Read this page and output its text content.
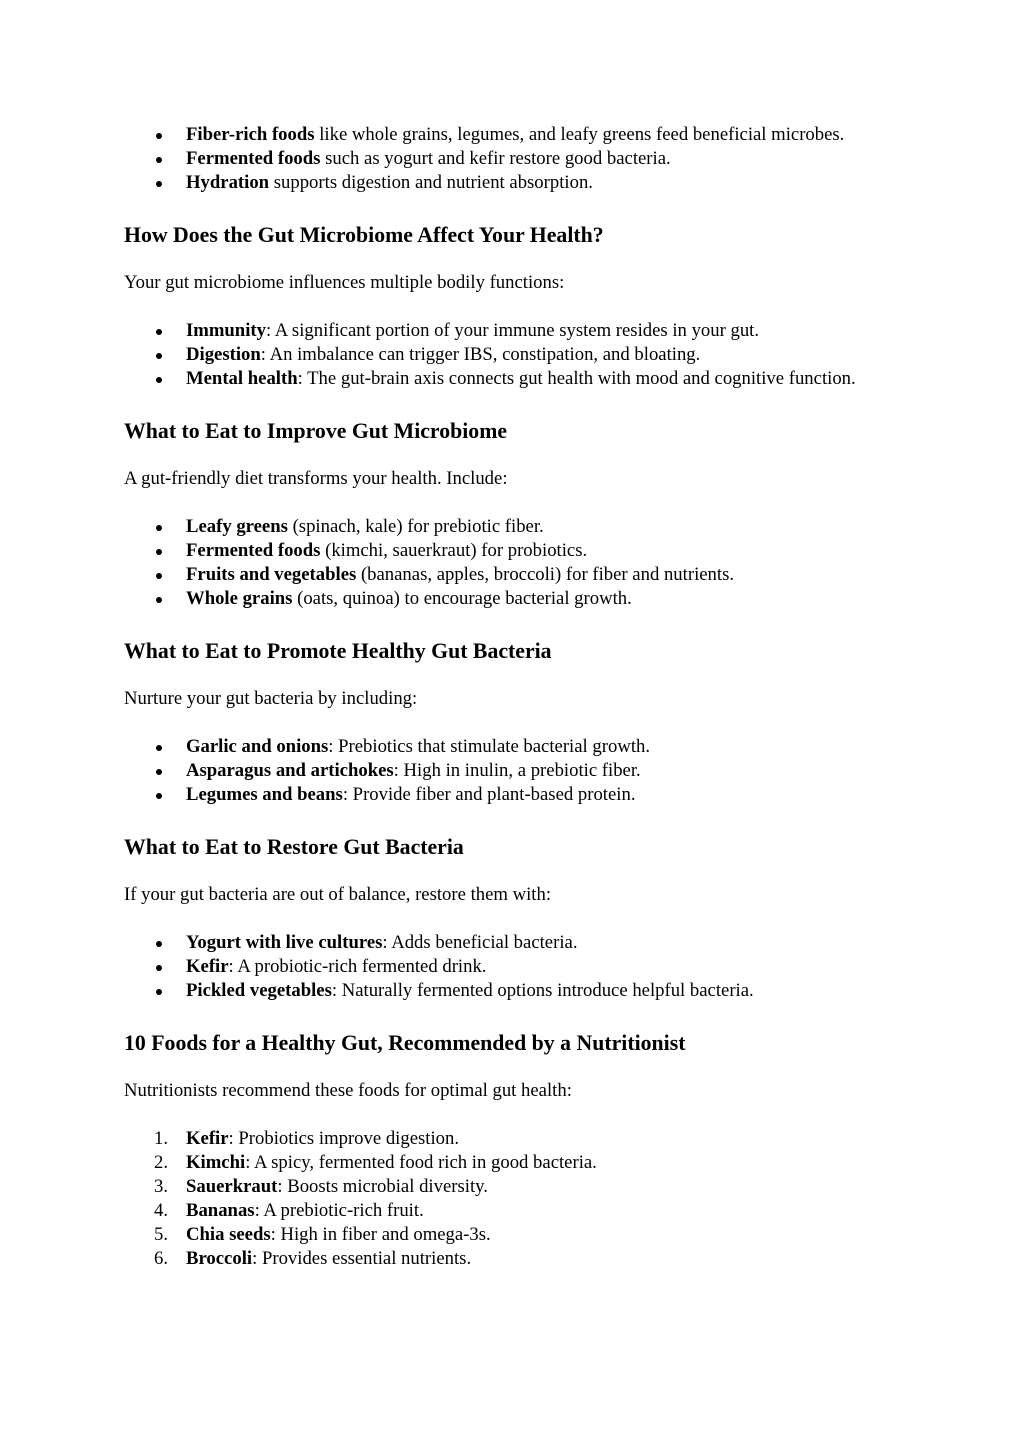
Fiber-rich foods like whole grains, legumes, and leafy greens feed beneficial microbes.
Fermented foods such as yogurt and kefir restore good bacteria.
Hydration supports digestion and nutrient absorption.
How Does the Gut Microbiome Affect Your Health?

Your gut microbiome influences multiple bodily functions:

Immunity: A significant portion of your immune system resides in your gut.
Digestion: An imbalance can trigger IBS, constipation, and bloating.
Mental health: The gut-brain axis connects gut health with mood and cognitive function.
What to Eat to Improve Gut Microbiome

A gut-friendly diet transforms your health. Include:

Leafy greens (spinach, kale) for prebiotic fiber.
Fermented foods (kimchi, sauerkraut) for probiotics.
Fruits and vegetables (bananas, apples, broccoli) for fiber and nutrients.
Whole grains (oats, quinoa) to encourage bacterial growth.
What to Eat to Promote Healthy Gut Bacteria

Nurture your gut bacteria by including:

Garlic and onions: Prebiotics that stimulate bacterial growth.
Asparagus and artichokes: High in inulin, a prebiotic fiber.
Legumes and beans: Provide fiber and plant-based protein.
What to Eat to Restore Gut Bacteria

If your gut bacteria are out of balance, restore them with:

Yogurt with live cultures: Adds beneficial bacteria.
Kefir: A probiotic-rich fermented drink.
Pickled vegetables: Naturally fermented options introduce helpful bacteria.
10 Foods for a Healthy Gut, Recommended by a Nutritionist

Nutritionists recommend these foods for optimal gut health:

1. Kefir: Probiotics improve digestion.
2. Kimchi: A spicy, fermented food rich in good bacteria.
3. Sauerkraut: Boosts microbial diversity.
4. Bananas: A prebiotic-rich fruit.
5. Chia seeds: High in fiber and omega-3s.
6. Broccoli: Provides essential nutrients.
